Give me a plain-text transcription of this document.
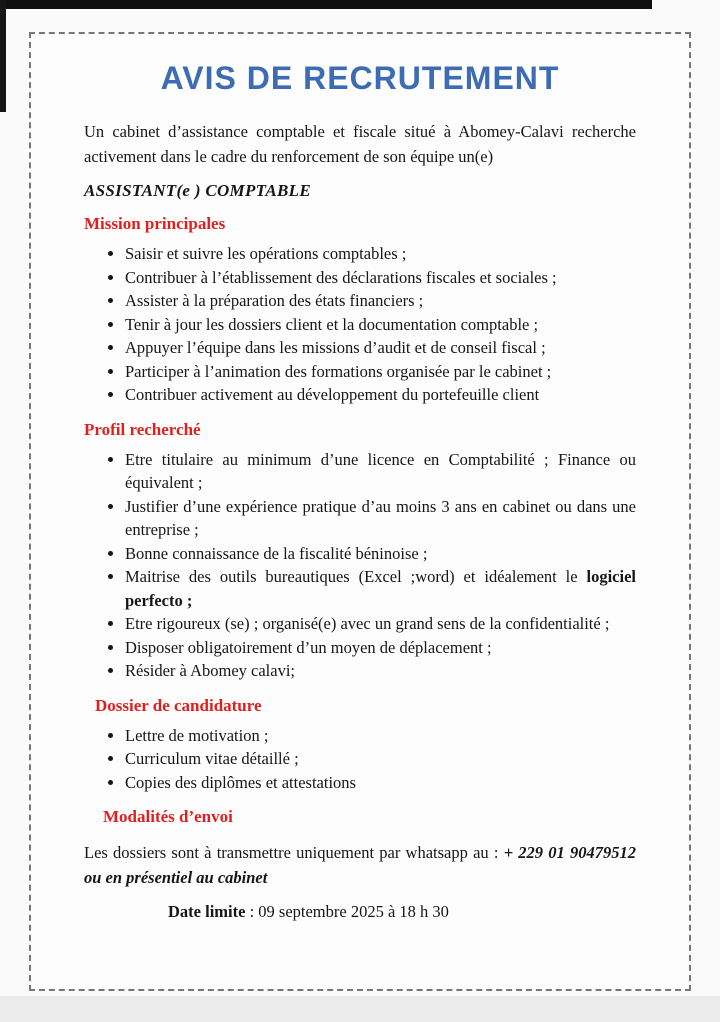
AVIS DE RECRUTEMENT

Un cabinet d’assistance comptable et fiscale situé à Abomey-Calavi recherche activement dans le cadre du renforcement de son équipe un(e)

ASSISTANT(e ) COMPTABLE

Mission principales
• Saisir et suivre les opérations comptables ;
• Contribuer à l’établissement des déclarations fiscales et sociales ;
• Assister à la préparation des états financiers ;
• Tenir à jour les dossiers client et la documentation comptable ;
• Appuyer l’équipe dans les missions d’audit et de conseil fiscal ;
• Participer à l’animation des formations organisée par le cabinet ;
• Contribuer activement au développement du portefeuille client
Profil recherché
• Etre titulaire au minimum d’une licence en Comptabilité ; Finance ou équivalent ;
• Justifier d’une expérience pratique d’au moins 3 ans en cabinet ou dans une entreprise ;
• Bonne connaissance de la fiscalité béninoise ;
• Maitrise des outils bureautiques (Excel ;word) et idéalement le logiciel perfecto ;
• Etre rigoureux (se) ; organisé(e) avec un grand sens de la confidentialité ;
• Disposer obligatoirement d’un moyen de déplacement ;
• Résider à Abomey calavi;
Dossier de candidature
• Lettre de motivation ;
• Curriculum vitae détaillé ;
• Copies des diplômes et attestations
Modalités d’envoi

Les dossiers sont à transmettre uniquement par whatsapp au : + 229 01 90479512 ou en présentiel au cabinet

Date limite : 09 septembre 2025 à 18 h 30
